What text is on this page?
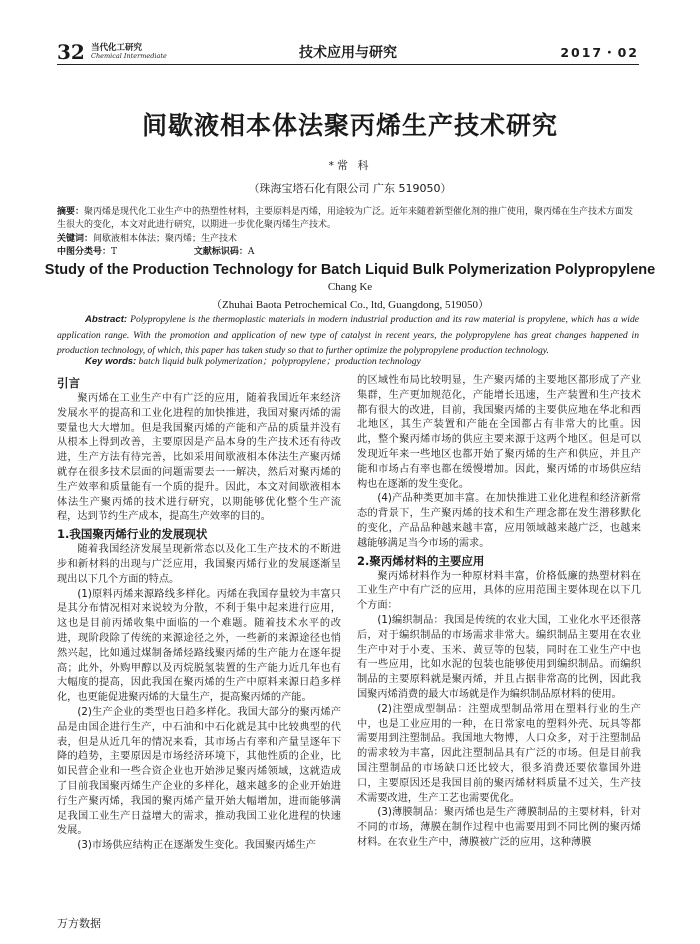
32 当代化工研究
Chemical Intermediate	技术应用与研究	2017・02
间歇液相本体法聚丙烯生产技术研究
*常 科
（珠海宝塔石化有限公司 广东 519050）
摘要：聚丙烯是现代化工业生产中的热塑性材料，主要原料是丙烯，用途较为广泛。近年来随着新型催化剂的推广使用，聚丙烯在生产技术方面发生很大的变化，本文对此进行研究，以期进一步优化聚丙烯生产技术。
关键词：间歇液相本体法；聚丙烯；生产技术
中图分类号：T	文献标识码：A
Study of the Production Technology for Batch Liquid Bulk Polymerization Polypropylene
Chang Ke
（Zhuhai Baota Petrochemical Co., ltd, Guangdong, 519050）
Abstract: Polypropylene is the thermoplastic materials in modern industrial production and its raw material is propylene, which has a wide application range. With the promotion and application of new type of catalyst in recent years, the polypropylene has great changes happened in production technology, of which, this paper has taken study so that to further optimize the polypropylene production technology.
Key words: batch liquid bulk polymerization；polypropylene；production technology
引言

聚丙烯在工业生产中有广泛的应用，随着我国近年来经济发展水平的提高和工业化进程的加快推进，我国对聚丙烯的需要量也大大增加。但是我国聚丙烯的产能和产品的质量并没有从根本上得到改善，主要原因是产品本身的生产技术还有待改进，生产方法有待完善，比如采用间歇液相本体法生产聚丙烯就存在很多技术层面的问题需要去一一解决，然后对聚丙烯的生产效率和质量能有一个质的提升。因此，本文对间歇液相本体法生产聚丙烯的技术进行研究，以期能够优化整个生产流程，达到节约生产成本，提高生产效率的目的。

1.我国聚丙烯行业的发展现状

随着我国经济发展呈现新常态以及化工生产技术的不断进步和新材料的出现与广泛应用，我国聚丙烯行业的发展逐渐呈现出以下几个方面的特点。

(1)原料丙烯来源路线多样化。丙烯在我国存量较为丰富只是其分布情况相对来说较为分散，不利于集中起来进行应用，这也是目前丙烯收集中面临的一个难题。随着技术水平的改进，现阶段除了传统的来源途径之外，一些新的来源途径也悄然兴起，比如通过煤制备烯烃路线聚丙烯的生产能力在逐年提高；此外，外购甲醇以及丙烷脱氢装置的生产能力近几年也有大幅度的提高，因此我国在聚丙烯的生产中原料来源日趋多样化，也更能促进聚丙烯的大量生产，提高聚丙烯的产能。

(2)生产企业的类型也日趋多样化。我国大部分的聚丙烯产品是由国企进行生产，中石油和中石化就是其中比较典型的代表，但是从近几年的情况来看，其市场占有率和产量呈逐年下降的趋势，主要原因是市场经济环境下，其他性质的企业，比如民营企业和一些合资企业也开始涉足聚丙烯领域，这就造成了目前我国聚丙烯生产企业的多样化，越来越多的企业开始进行生产聚丙烯，我国的聚丙烯产量开始大幅增加，进而能够满足我国工业生产日益增大的需求，推动我国工业化进程的快速发展。

(3)市场供应结构正在逐渐发生变化。我国聚丙烯生产

的区域性布局比较明显，生产聚丙烯的主要地区都形成了产业集群，生产更加规范化，产能增长迅速，生产装置和生产技术都有很大的改进，目前，我国聚丙烯的主要供应地在华北和西北地区，其生产装置和产能在全国都占有非常大的比重。因此，整个聚丙烯市场的供应主要来源于这两个地区。但是可以发现近年来一些地区也都开始了聚丙烯的生产和供应，并且产能和市场占有率也都在缓慢增加。因此，聚丙烯的市场供应结构也在逐渐的发生变化。

(4)产品种类更加丰富。在加快推进工业化进程和经济新常态的背景下，生产聚丙烯的技术和生产理念都在发生潜移默化的变化，产品品种越来越丰富，应用领域越来越广泛，也越来越能够满足当今市场的需求。

2.聚丙烯材料的主要应用

聚丙烯材料作为一种原材料丰富，价格低廉的热塑材料在工业生产中有广泛的应用，具体的应用范围主要体现在以下几个方面：

(1)编织制品：我国是传统的农业大国，工业化水平还很落后，对于编织制品的市场需求非常大。编织制品主要用在农业生产中对于小麦、玉米、黄豆等的包装，同时在工业生产中也有一些应用，比如水泥的包装也能够使用到编织制品。而编织制品的主要原料就是聚丙烯，并且占据非常高的比例，因此我国聚丙烯消费的最大市场就是作为编织制品原材料的使用。

(2)注塑成型制品：注塑成型制品常用在塑料行业的生产中，也是工业应用的一种，在日常家电的塑料外壳、玩具等都需要用到注塑制品。我国地大物博，人口众多，对于注塑制品的需求较为丰富，因此注塑制品具有广泛的市场。但是目前我国注塑制品的市场缺口还比较大，很多消费还要依靠国外进口，主要原因还是我国目前的聚丙烯材料质量不过关，生产技术需要改进，生产工艺也需要优化。

(3)薄膜制品：聚丙烯也是生产薄膜制品的主要材料，针对不同的市场，薄膜在制作过程中也需要用到不同比例的聚丙烯材料。在农业生产中，薄膜被广泛的应用，这种薄膜

万方数据
